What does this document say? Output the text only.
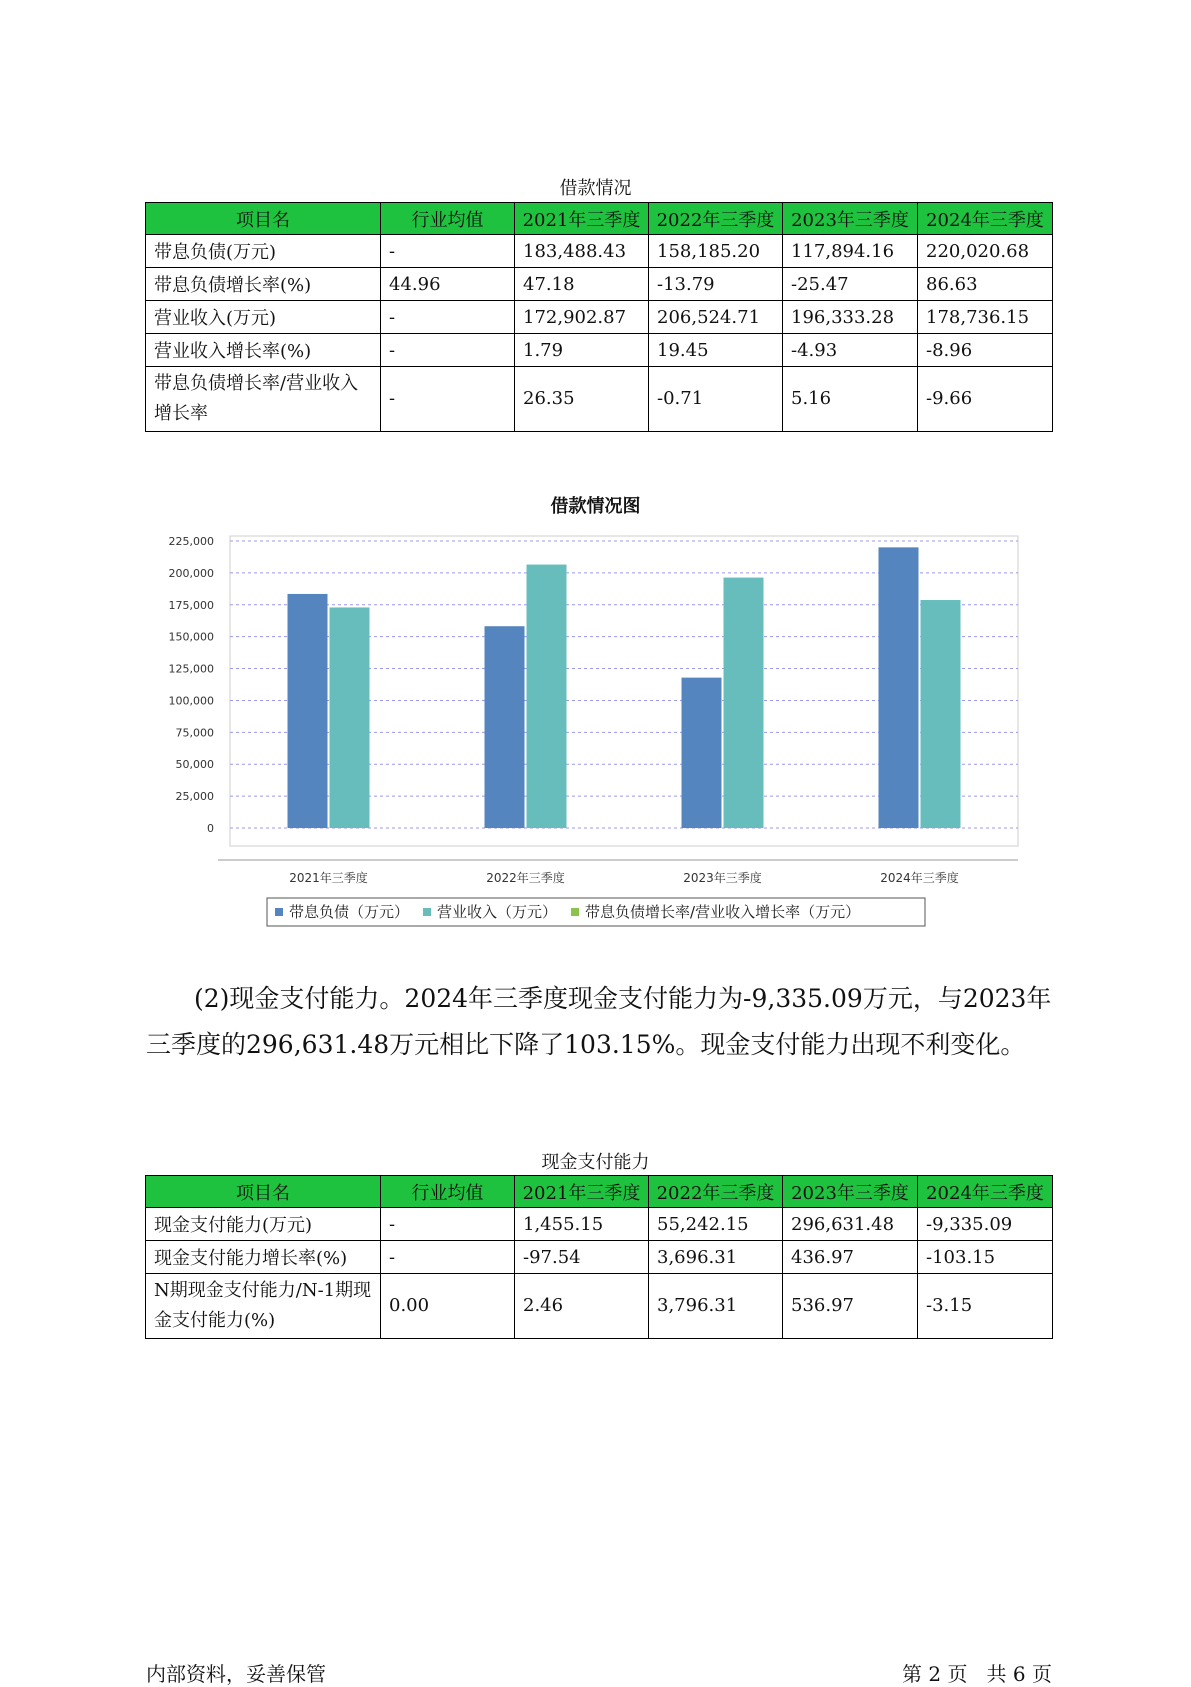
借款情况
项目名	行业均值	2021年三季度	2022年三季度	2023年三季度	2024年三季度
带息负债(万元)	-	183,488.43	158,185.20	117,894.16	220,020.68
带息负债增长率(%)	44.96	47.18	-13.79	-25.47	86.63
营业收入(万元)	-	172,902.87	206,524.71	196,333.28	178,736.15
营业收入增长率(%)	-	1.79	19.45	-4.93	-8.96
带息负债增长率/营业收入增长率	-	26.35	-0.71	5.16	-9.66
借款情况图
0
25,000
50,000
75,000
100,000
125,000
150,000
175,000
200,000
225,000
2021年三季度	2022年三季度	2023年三季度	2024年三季度
带息负债（万元） 营业收入（万元） 带息负债增长率/营业收入增长率（万元）

(2)现金支付能力。2024年三季度现金支付能力为-9,335.09万元，与2023年三季度的296,631.48万元相比下降了103.15%。现金支付能力出现不利变化。

现金支付能力
项目名	行业均值	2021年三季度	2022年三季度	2023年三季度	2024年三季度
现金支付能力(万元)	-	1,455.15	55,242.15	296,631.48	-9,335.09
现金支付能力增长率(%)	-	-97.54	3,696.31	436.97	-103.15
N期现金支付能力/N-1期现金支付能力(%)	0.00	2.46	3,796.31	536.97	-3.15
内部资料，妥善保管	第 2 页   共 6 页
